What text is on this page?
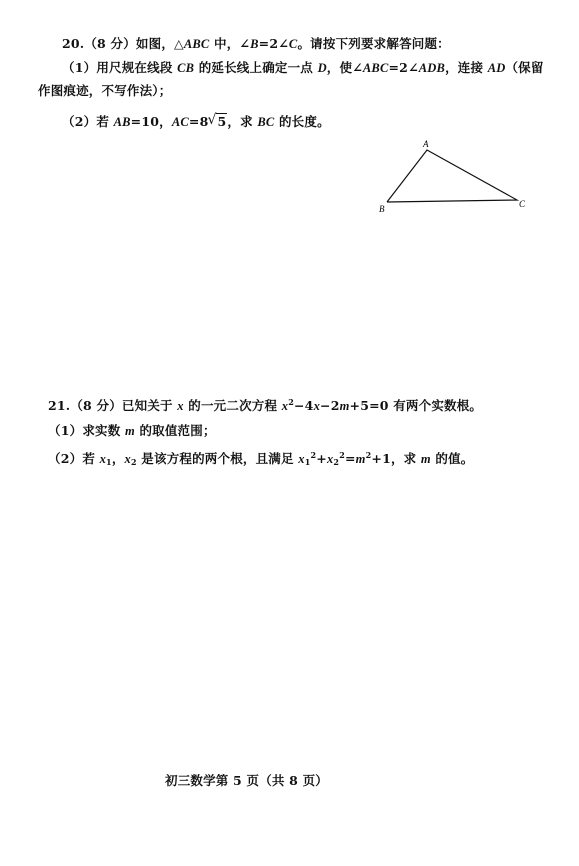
20.（8 分）如图，△ABC 中，∠B=2∠C。请按下列要求解答问题：
（1）用尺规在线段 CB 的延长线上确定一点 D，使∠ABC=2∠ADB，连接 AD（保留
作图痕迹，不写作法）；
（2）若 AB=10，AC=8√ 5，求 BC 的长度。
A
B	C
21.（8 分）已知关于 x 的一元二次方程 $x^2-4x-2m+5=0$ 有两个实数根。
（1）求实数 m 的取值范围；
（2）若 $x_1$，$x_2$ 是该方程的两个根，且满足 $x_1^2+x_2^2=m^2+1$，求 m 的值。
初三数学第 5 页（共 8 页）
